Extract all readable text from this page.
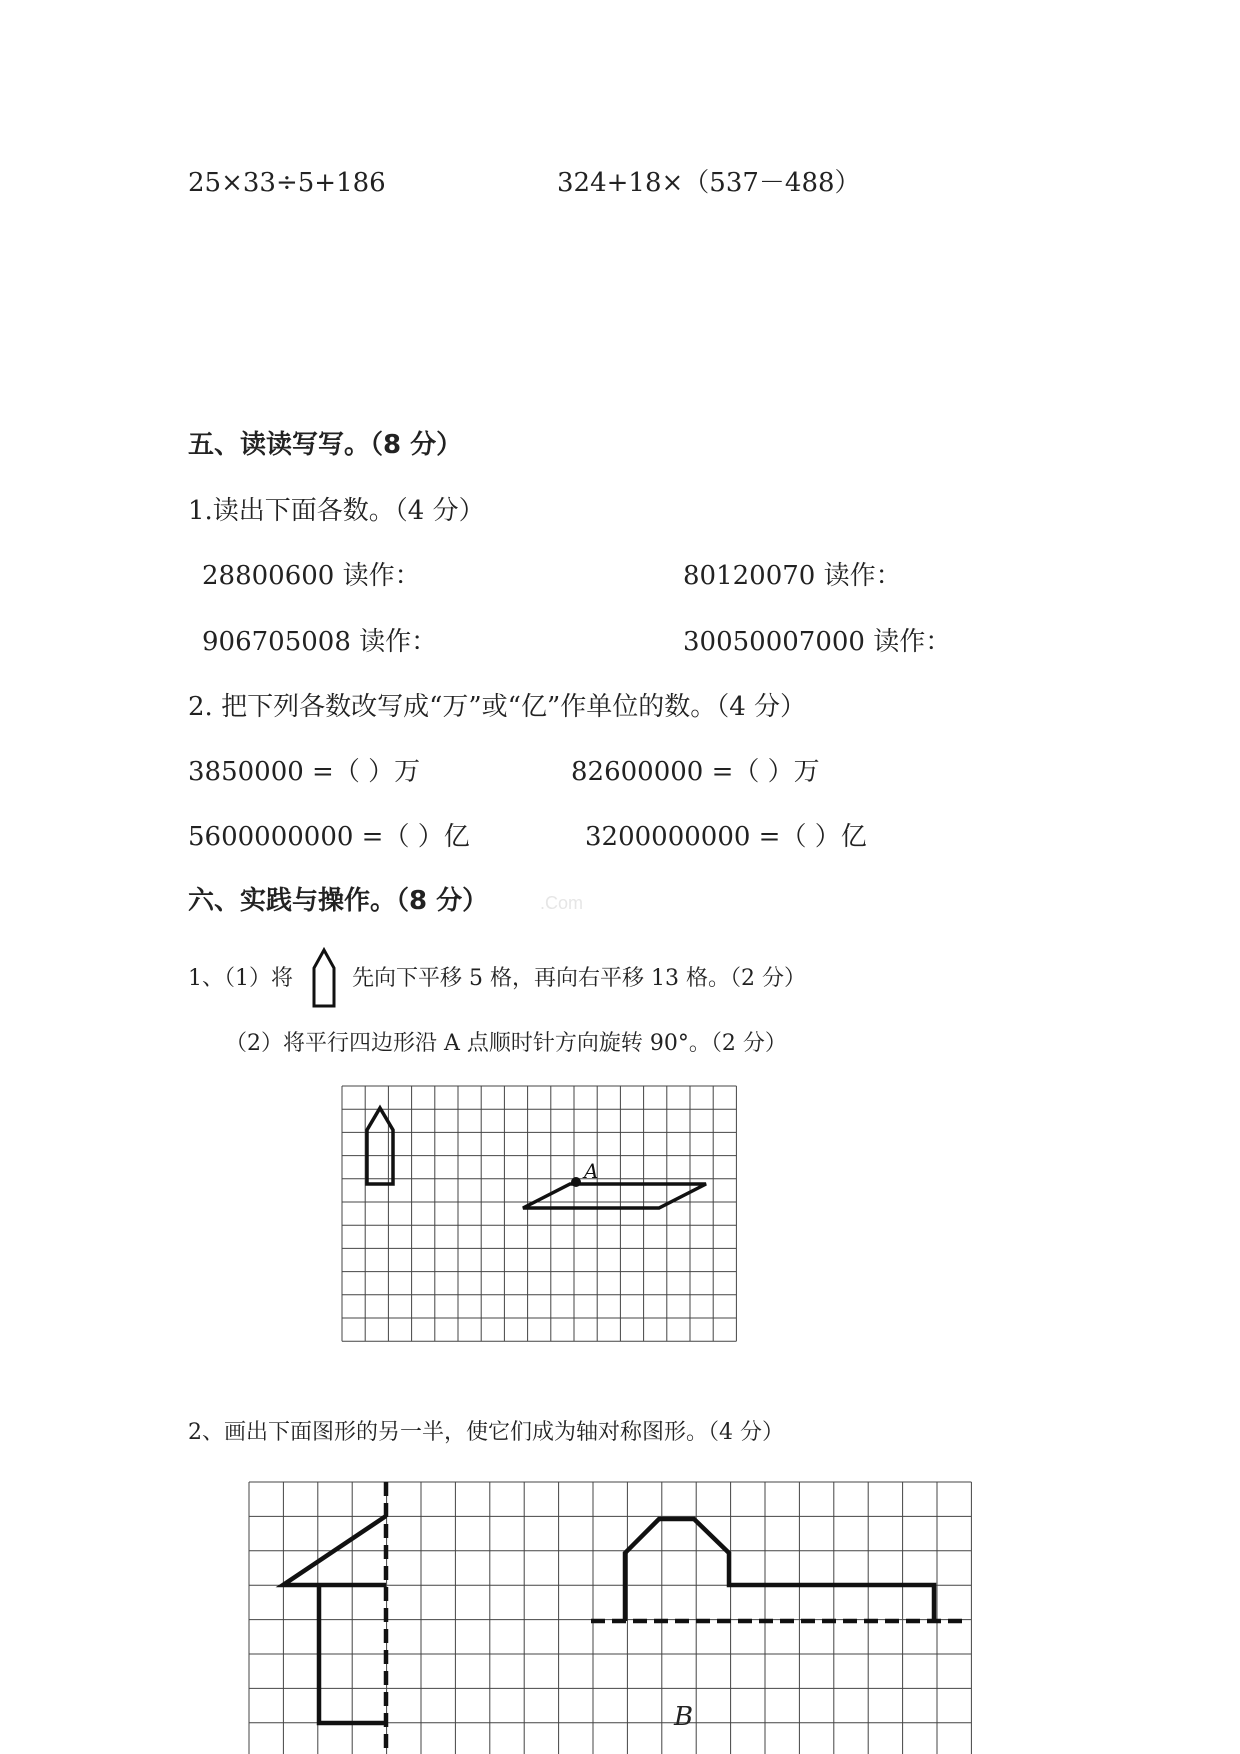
25×33÷5+186	324+18×（537－488）
五、读读写写。（8 分）
1.读出下面各数。（4 分）
28800600 读作：	80120070 读作：
906705008 读作：	30050007000 读作：
2. 把下列各数改写成“万”或“亿”作单位的数。（4 分）
3850000 =（ ）万	82600000 =（ ）万
5600000000 =（ ）亿	3200000000 =（ ）亿
六、实践与操作。（8 分）	.Com
1、（1）将	先向下平移 5 格，再向右平移 13 格。（2 分）
（2）将平行四边形沿 A 点顺时针方向旋转 90°。（2 分）
2、画出下面图形的另一半，使它们成为轴对称图形。（4 分）
A
B
